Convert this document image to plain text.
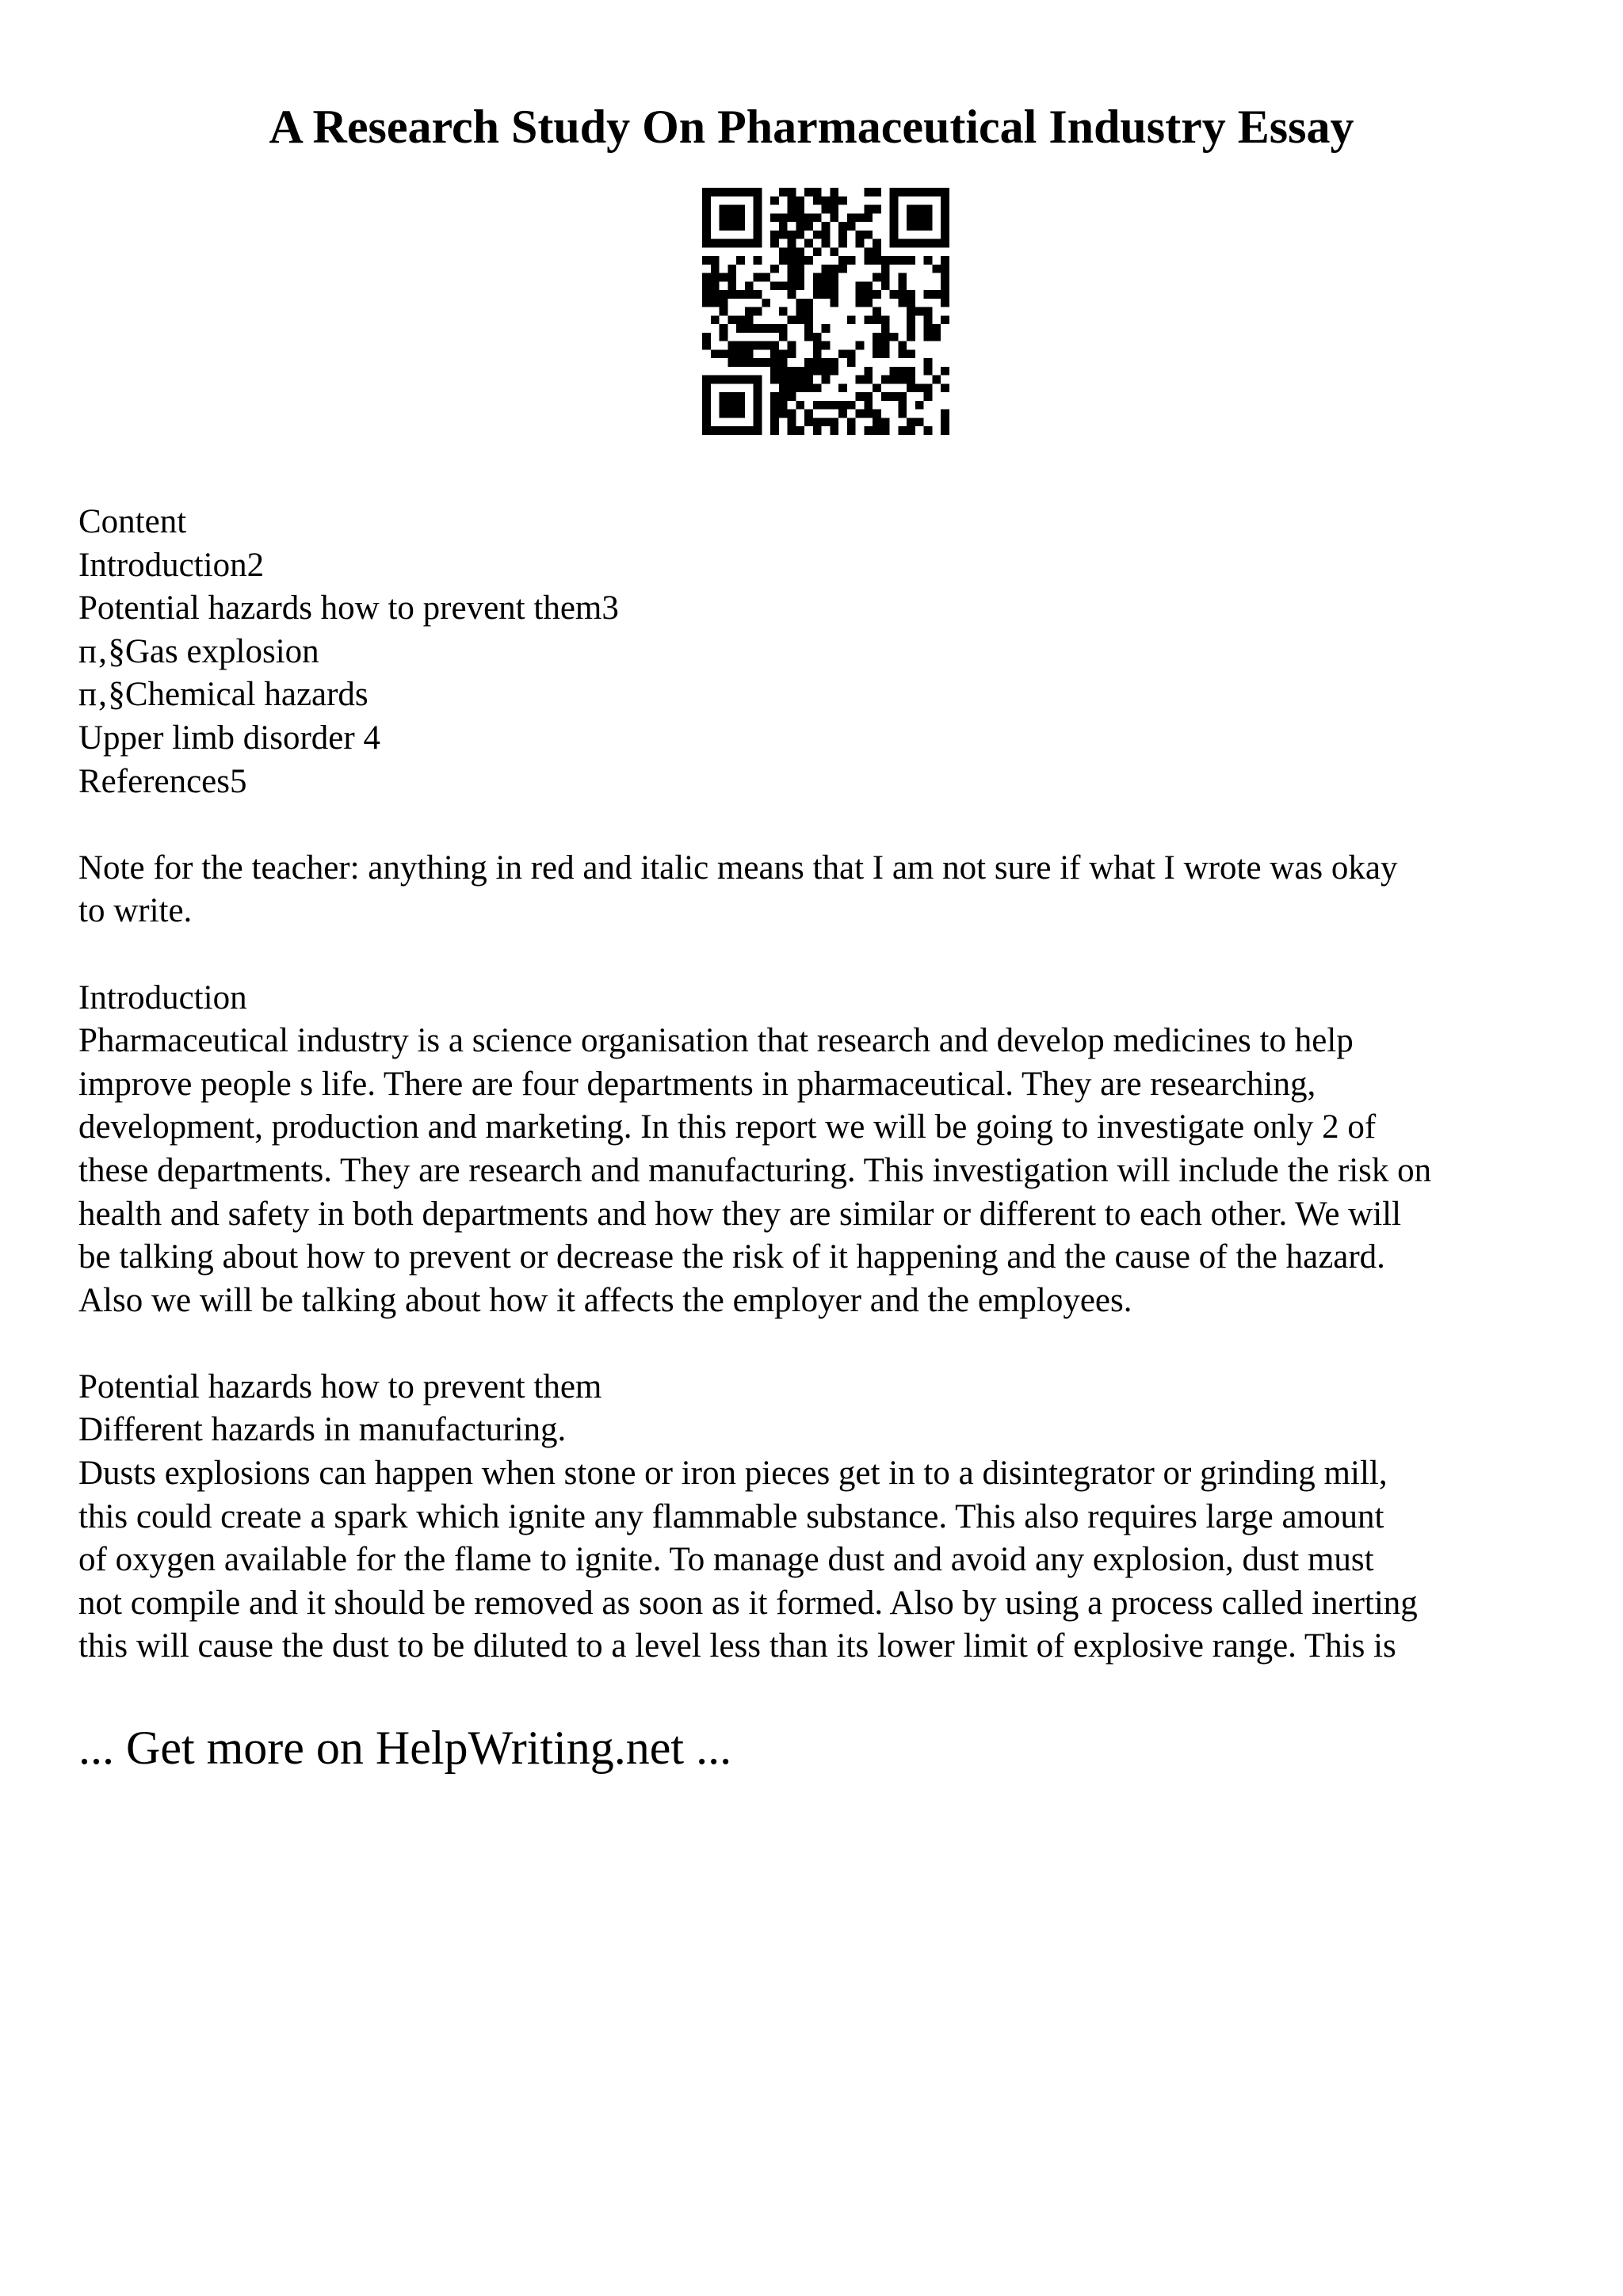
A Research Study On Pharmaceutical Industry Essay
Content
Introduction2
Potential hazards how to prevent them3
п‚§Gas explosion
п‚§Chemical hazards
Upper limb disorder 4
References5
Note for the teacher: anything in red and italic means that I am not sure if what I wrote was okay
to write.
Introduction
Pharmaceutical industry is a science organisation that research and develop medicines to help
improve people s life. There are four departments in pharmaceutical. They are researching,
development, production and marketing. In this report we will be going to investigate only 2 of
these departments. They are research and manufacturing. This investigation will include the risk on
health and safety in both departments and how they are similar or different to each other. We will
be talking about how to prevent or decrease the risk of it happening and the cause of the hazard.
Also we will be talking about how it affects the employer and the employees.
Potential hazards how to prevent them
Different hazards in manufacturing.
Dusts explosions can happen when stone or iron pieces get in to a disintegrator or grinding mill,
this could create a spark which ignite any flammable substance. This also requires large amount
of oxygen available for the flame to ignite. To manage dust and avoid any explosion, dust must
not compile and it should be removed as soon as it formed. Also by using a process called inerting
this will cause the dust to be diluted to a level less than its lower limit of explosive range. This is
... Get more on HelpWriting.net ...
